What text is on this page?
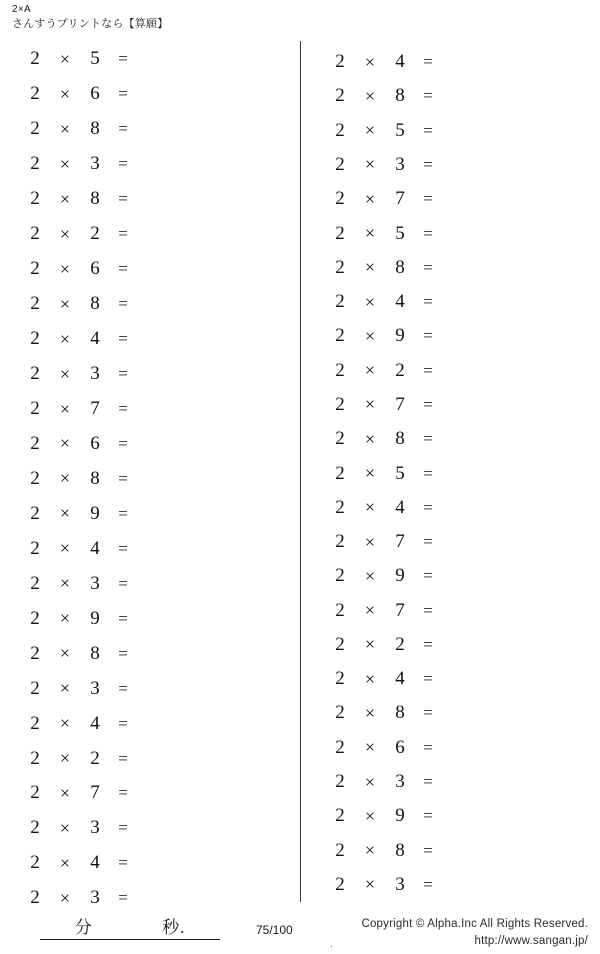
2×A
さんすうプリントなら【算願】
2	×	5	=
2	×	6	=
2	×	8	=
2	×	3	=
2	×	8	=
2	×	2	=
2	×	6	=
2	×	8	=
2	×	4	=
2	×	3	=
2	×	7	=
2	×	6	=
2	×	8	=
2	×	9	=
2	×	4	=
2	×	3	=
2	×	9	=
2	×	8	=
2	×	3	=
2	×	4	=
2	×	2	=
2	×	7	=
2	×	3	=
2	×	4	=
2	×	3	=
2	×	4	=
2	×	8	=
2	×	5	=
2	×	3	=
2	×	7	=
2	×	5	=
2	×	8	=
2	×	4	=
2	×	9	=
2	×	2	=
2	×	7	=
2	×	8	=
2	×	5	=
2	×	4	=
2	×	7	=
2	×	9	=
2	×	7	=
2	×	2	=
2	×	4	=
2	×	8	=
2	×	6	=
2	×	3	=
2	×	9	=
2	×	8	=
2	×	3	=
分	秒.	75/100
.
Copyright © Alpha.Inc All Rights Reserved.
http://www.sangan.jp/
